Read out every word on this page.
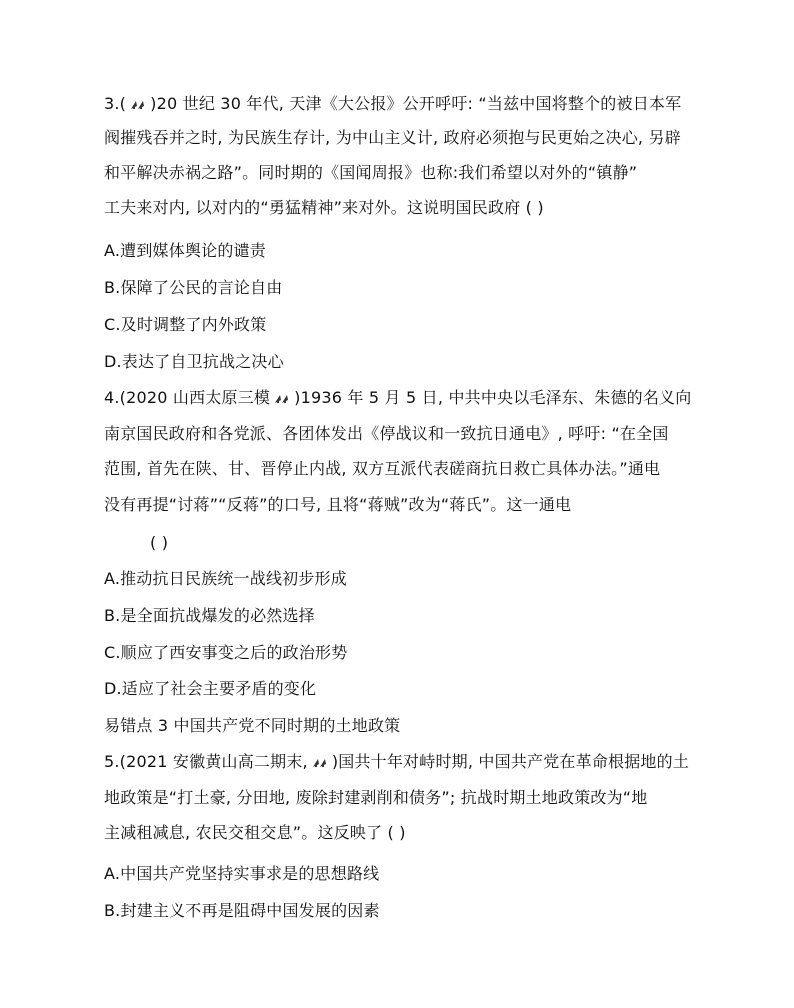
3.( )20 世纪 30 年代, 天津《大公报》公开呼吁: “当兹中国将整个的被日本军
阀摧残吞并之时, 为民族生存计, 为中山主义计, 政府必须抱与民更始之决心, 另辟
和平解决赤祸之路”。同时期的《国闻周报》也称:我们希望以对外的“镇静”
工夫来对内, 以对内的“勇猛精神”来对外。这说明国民政府 ( )
A.遭到媒体舆论的谴责
B.保障了公民的言论自由
C.及时调整了内外政策
D.表达了自卫抗战之决心
4.(2020 山西太原三模 )1936 年 5 月 5 日, 中共中央以毛泽东、朱德的名义向
南京国民政府和各党派、各团体发出《停战议和一致抗日通电》, 呼吁: “在全国
范围, 首先在陕、甘、晋停止内战, 双方互派代表磋商抗日救亡具体办法。”通电
没有再提“讨蒋”“反蒋”的口号, 且将“蒋贼”改为“蒋氏”。这一通电
( )
A.推动抗日民族统一战线初步形成
B.是全面抗战爆发的必然选择
C.顺应了西安事变之后的政治形势
D.适应了社会主要矛盾的变化
易错点 3 中国共产党不同时期的土地政策
5.(2021 安徽黄山高二期末, )国共十年对峙时期, 中国共产党在革命根据地的土
地政策是“打土豪, 分田地, 废除封建剥削和债务”; 抗战时期土地政策改为“地
主减租减息, 农民交租交息”。这反映了 ( )
A.中国共产党坚持实事求是的思想路线
B.封建主义不再是阻碍中国发展的因素
